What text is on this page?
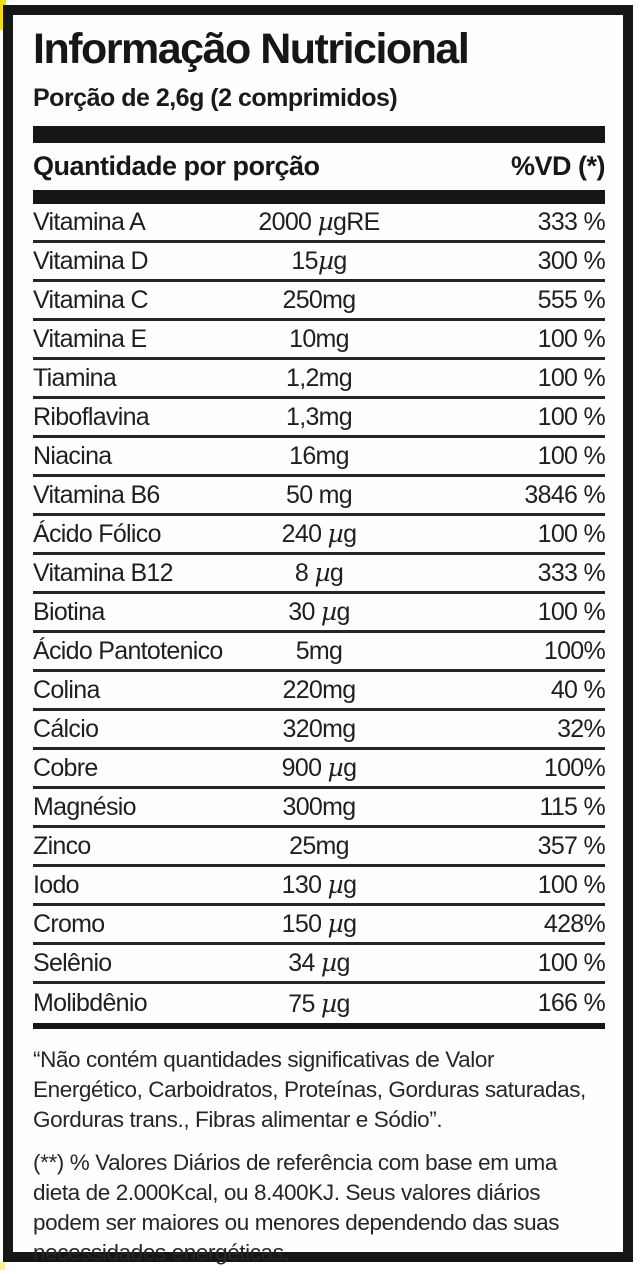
Informação Nutricional
Porção de 2,6g (2 comprimidos)
Quantidade por porção	%VD (*)
Vitamina A	2000 µgRE	333 %
Vitamina D	15µg	300 %
Vitamina C	250mg	555 %
Vitamina E	10mg	100 %
Tiamina	1,2mg	100 %
Riboflavina	1,3mg	100 %
Niacina	16mg	100 %
Vitamina B6	50 mg	3846 %
Ácido Fólico	240 µg	100 %
Vitamina B12	8 µg	333 %
Biotina	30 µg	100 %
Ácido Pantotenico	5mg	100%
Colina	220mg	40 %
Cálcio	320mg	32%
Cobre	900 µg	100%
Magnésio	300mg	115 %
Zinco	25mg	357 %
Iodo	130 µg	100 %
Cromo	150 µg	428%
Selênio	34 µg	100 %
Molibdênio	75 µg	166 %

“Não contém quantidades significativas de Valor Energético, Carboidratos, Proteínas, Gorduras saturadas, Gorduras trans., Fibras alimentar e Sódio”.

(**) % Valores Diários de referência com base em uma dieta de 2.000Kcal, ou 8.400KJ. Seus valores diários podem ser maiores ou menores dependendo das suas necessidades energéticas.
